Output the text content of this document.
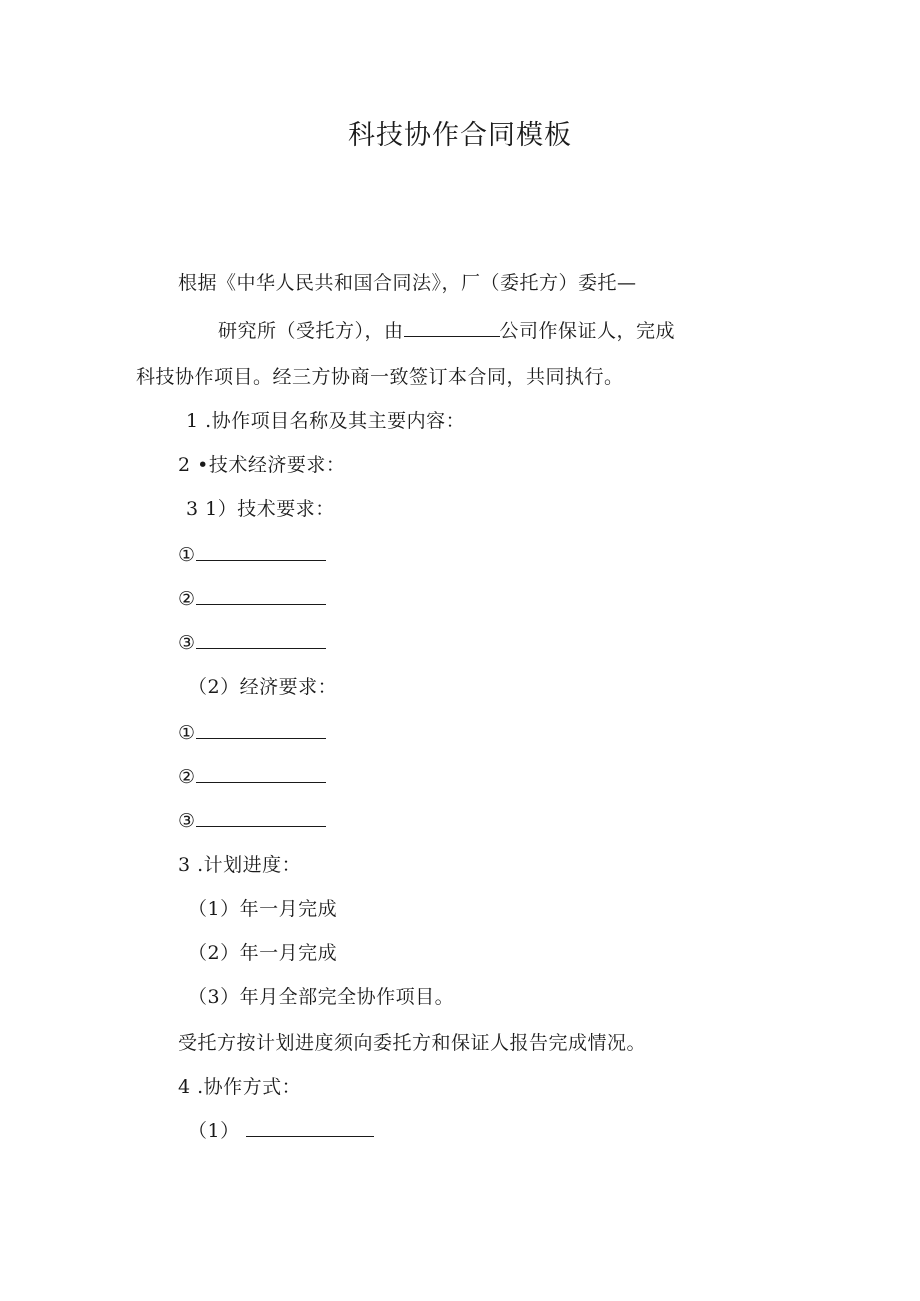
科技协作合同模板
根据《中华人民共和国合同法》，厂（委托方）委托—
研究所（受托方），由	公司作保证人，完成
科技协作项目。经三方协商一致签订本合同，共同执行。
1 .协作项目名称及其主要内容：
2 •技术经济要求：
3 1）技术要求：
①
②
③
（2）经济要求：
①
②
③
3 .计划进度：
（1）年一月完成
（2）年一月完成
（3）年月全部完全协作项目。
受托方按计划进度须向委托方和保证人报告完成情况。
4 .协作方式：
（1）
